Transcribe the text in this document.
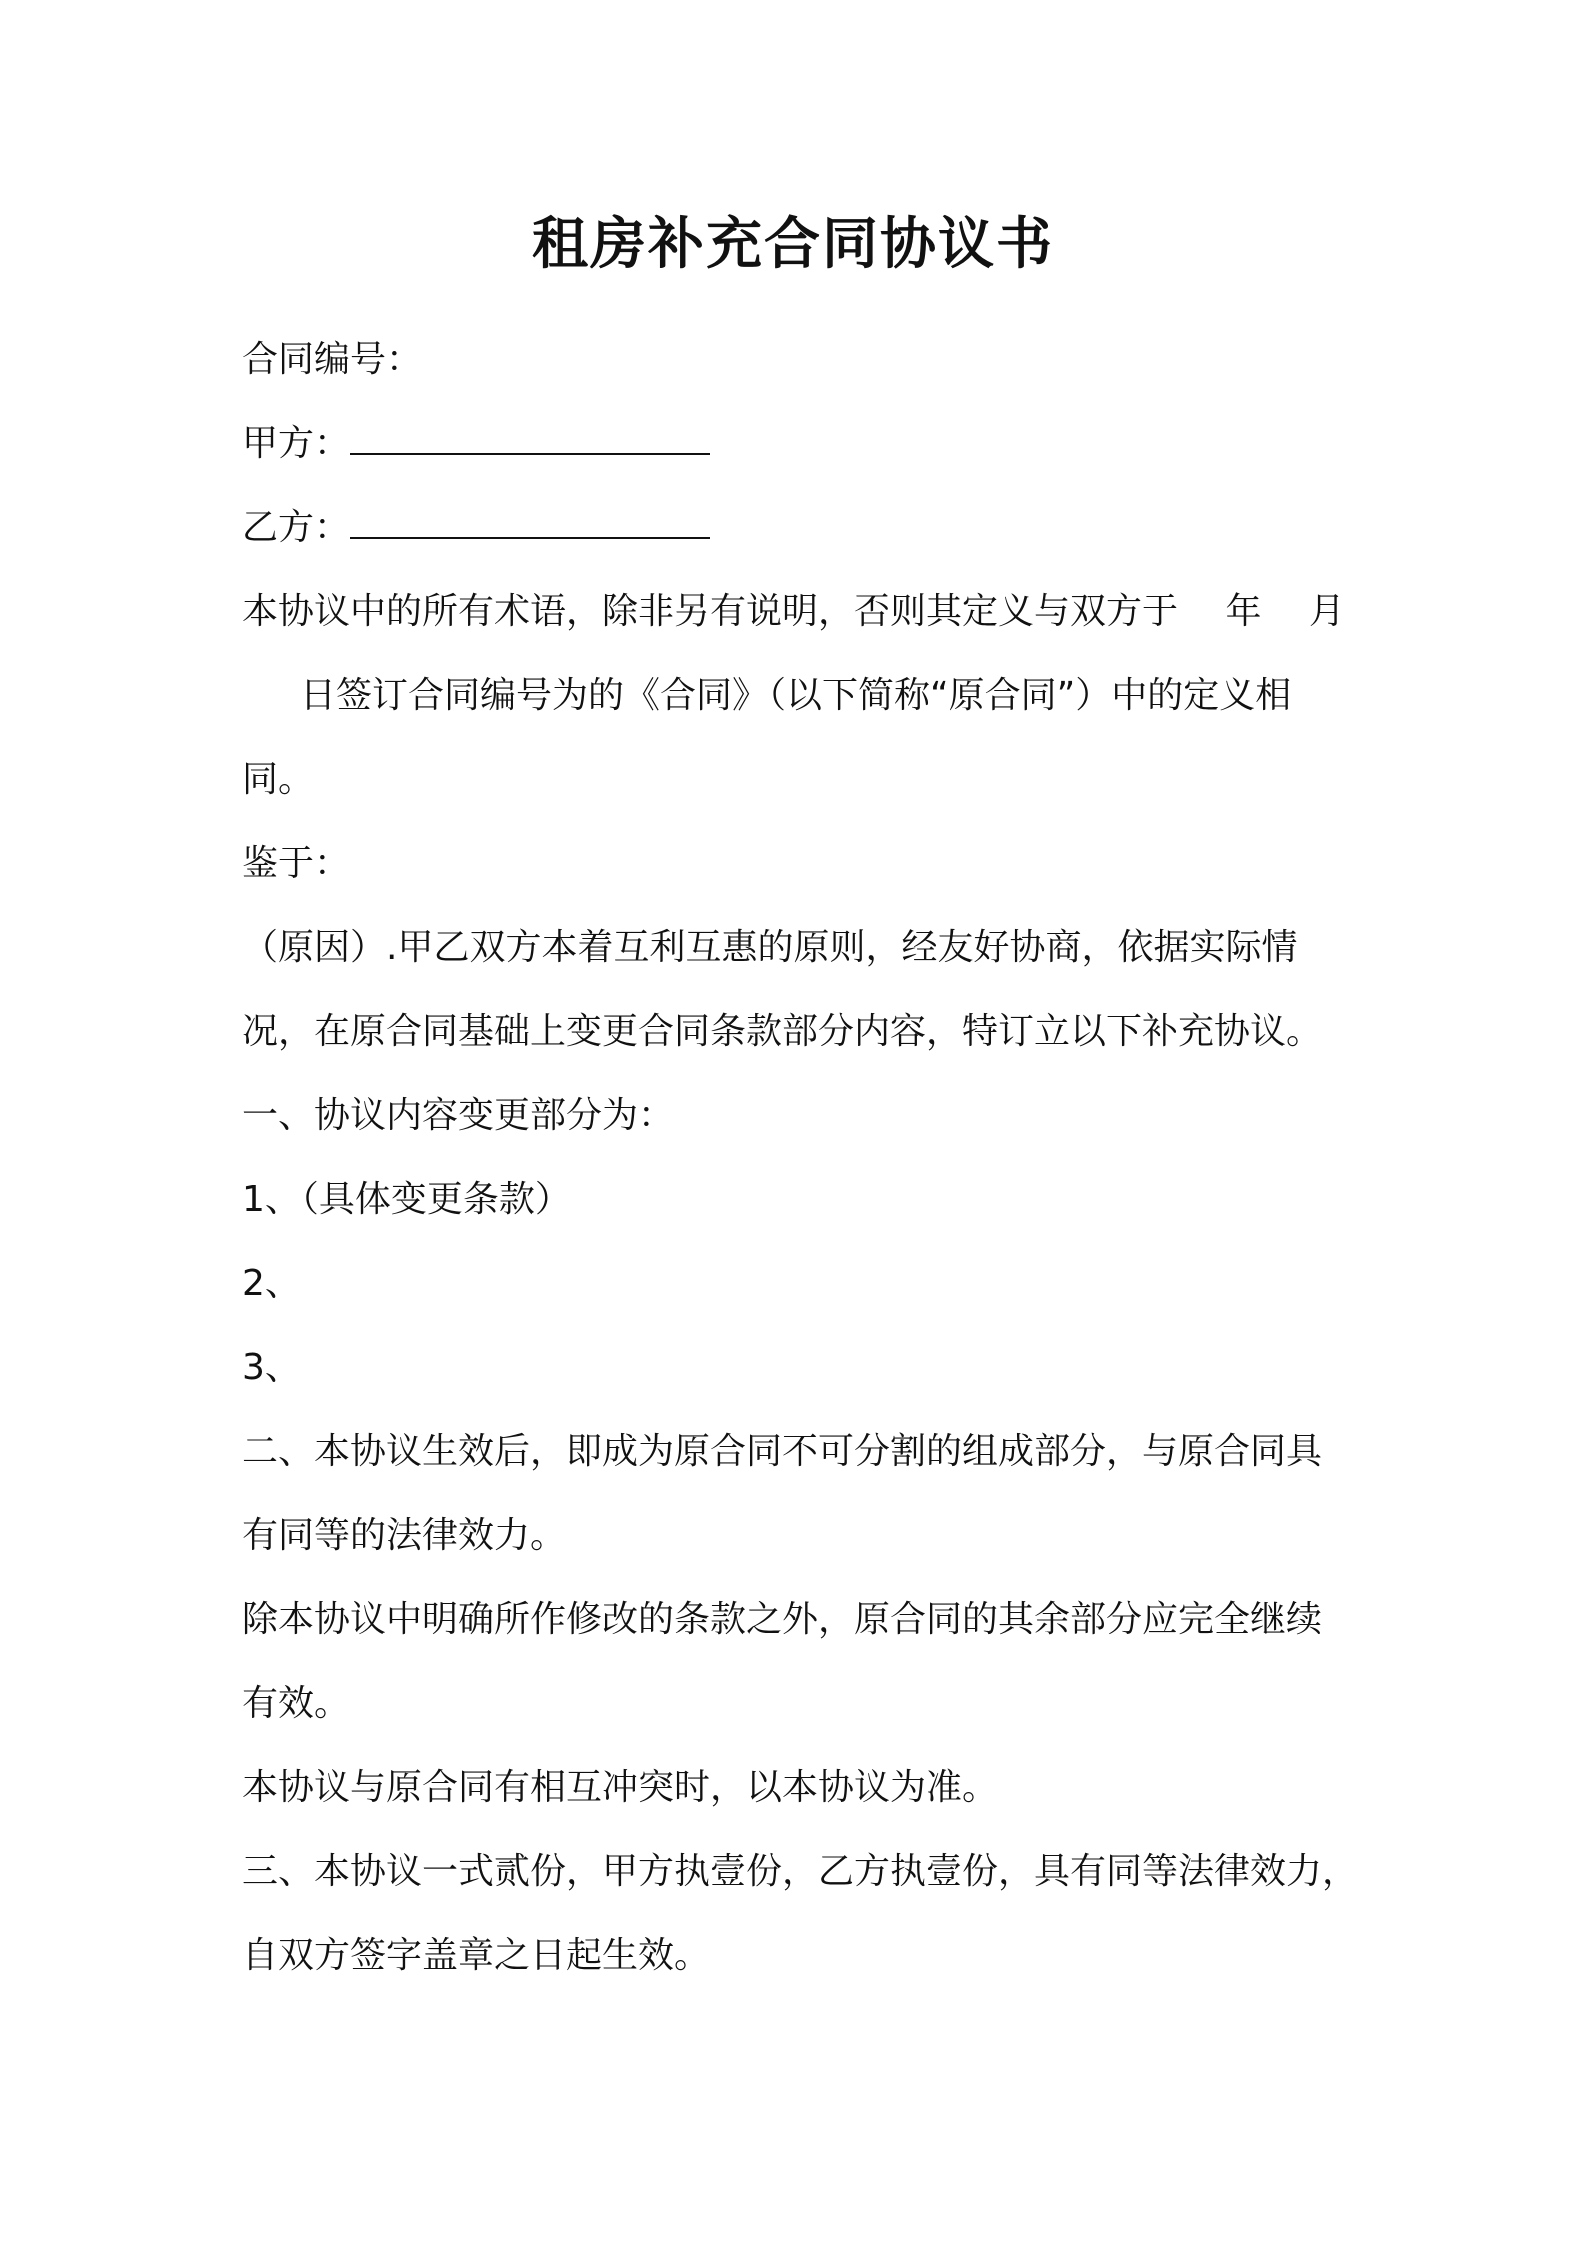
租房补充合同协议书
合同编号：
甲方：
乙方：
本协议中的所有术语，除非另有说明，否则其定义与双方于　 年　 月
日签订合同编号为的《合同》（以下简称“原合同”）中的定义相
同。
鉴于：
（原因）.甲乙双方本着互利互惠的原则，经友好协商，依据实际情
况，在原合同基础上变更合同条款部分内容，特订立以下补充协议。
一、协议内容变更部分为：
1、（具体变更条款）
2、
3、
二、本协议生效后，即成为原合同不可分割的组成部分，与原合同具
有同等的法律效力。
除本协议中明确所作修改的条款之外，原合同的其余部分应完全继续
有效。
本协议与原合同有相互冲突时，以本协议为准。
三、本协议一式贰份，甲方执壹份，乙方执壹份，具有同等法律效力，
自双方签字盖章之日起生效。
